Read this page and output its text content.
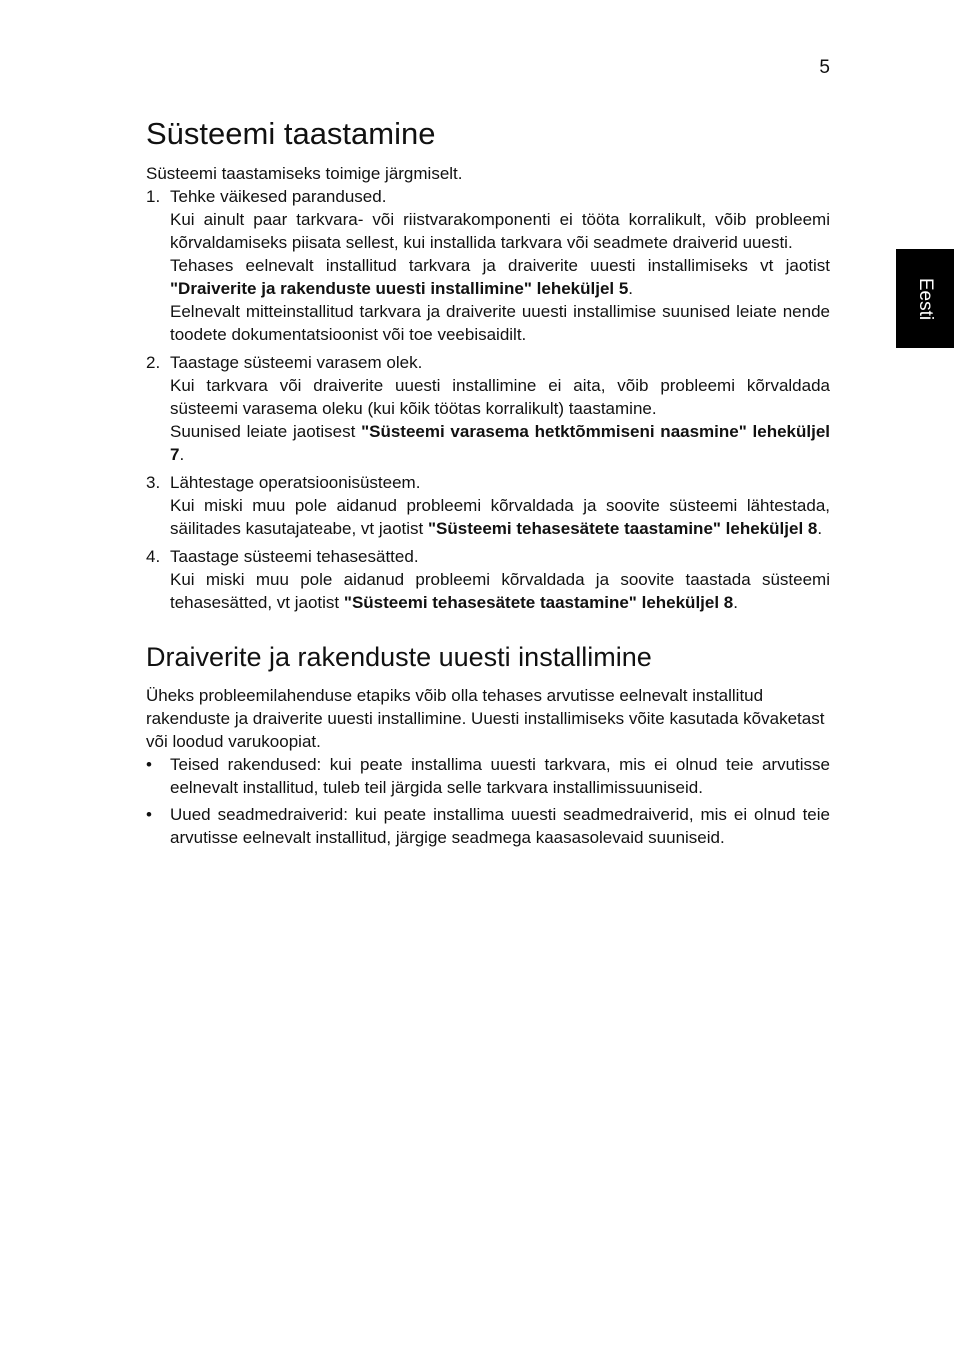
5
Eesti
Süsteemi taastamine

Süsteemi taastamiseks toimige järgmiselt.

1. Tehke väikesed parandused.

Kui ainult paar tarkvara- või riistvarakomponenti ei tööta korralikult, võib probleemi kõrvaldamiseks piisata sellest, kui installida tarkvara või seadmete draiverid uuesti.

Tehases eelnevalt installitud tarkvara ja draiverite uuesti installimiseks vt jaotist "Draiverite ja rakenduste uuesti installimine" leheküljel 5.

Eelnevalt mitteinstallitud tarkvara ja draiverite uuesti installimise suunised leiate nende toodete dokumentatsioonist või toe veebisaidilt.

2. Taastage süsteemi varasem olek.

Kui tarkvara või draiverite uuesti installimine ei aita, võib probleemi kõrvaldada süsteemi varasema oleku (kui kõik töötas korralikult) taastamine.

Suunised leiate jaotisest "Süsteemi varasema hetktõmmiseni naasmine" leheküljel 7.

3. Lähtestage operatsioonisüsteem.

Kui miski muu pole aidanud probleemi kõrvaldada ja soovite süsteemi lähtestada, säilitades kasutajateabe, vt jaotist "Süsteemi tehasesätete taastamine" leheküljel 8.

4. Taastage süsteemi tehasesätted.

Kui miski muu pole aidanud probleemi kõrvaldada ja soovite taastada süsteemi tehasesätted, vt jaotist "Süsteemi tehasesätete taastamine" leheküljel 8.

Draiverite ja rakenduste uuesti installimine

Üheks probleemilahenduse etapiks võib olla tehases arvutisse eelnevalt installitud rakenduste ja draiverite uuesti installimine. Uuesti installimiseks võite kasutada kõvaketast või loodud varukoopiat.

• Teised rakendused: kui peate installima uuesti tarkvara, mis ei olnud teie arvutisse eelnevalt installitud, tuleb teil järgida selle tarkvara installimissuuniseid.

• Uued seadmedraiverid: kui peate installima uuesti seadmedraiverid, mis ei olnud teie arvutisse eelnevalt installitud, järgige seadmega kaasasolevaid suuniseid.
